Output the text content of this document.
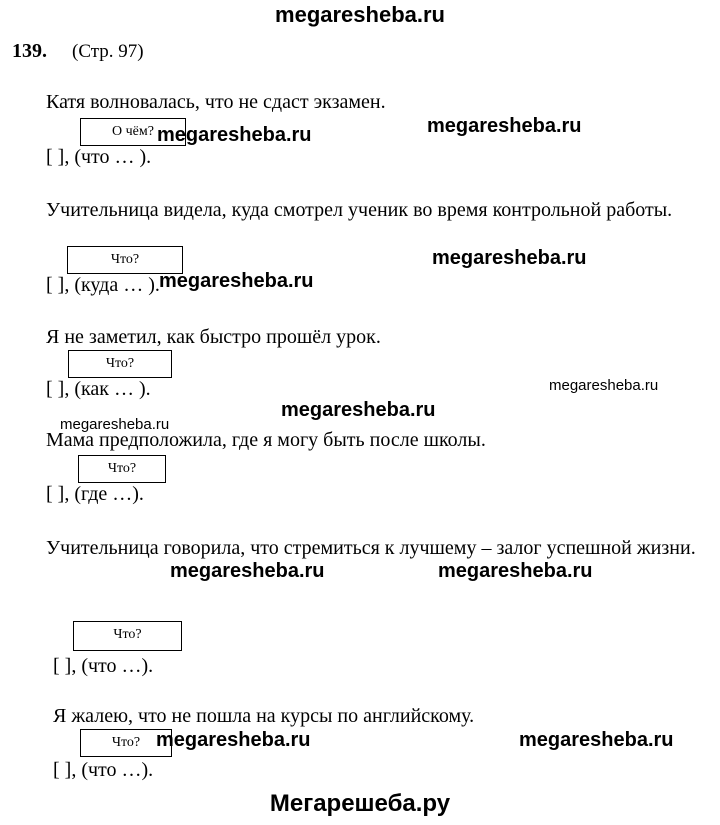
megaresheba.ru
139. (Стр. 97)
Катя волновалась, что не сдаст экзамен.
О чём?
[ ], (что … ).
Учительница видела, куда смотрел ученик во время контрольной работы.
Что?
[ ], (куда … ).
Я не заметил, как быстро прошёл урок.
Что?
[ ], (как … ).
Мама предположила, где я могу быть после школы.
Что?
[ ], (где …).
Учительница говорила, что стремиться к лучшему – залог успешной жизни.
Что?
[ ], (что …).
Я жалею, что не пошла на курсы по английскому.
Что?
[ ], (что …).
megaresheba.ru	megaresheba.ru
megaresheba.ru
megaresheba.ru
megaresheba.ru
megaresheba.ru
megaresheba.ru
megaresheba.ru	megaresheba.ru
megaresheba.ru	megaresheba.ru
Мегарешеба.ру
